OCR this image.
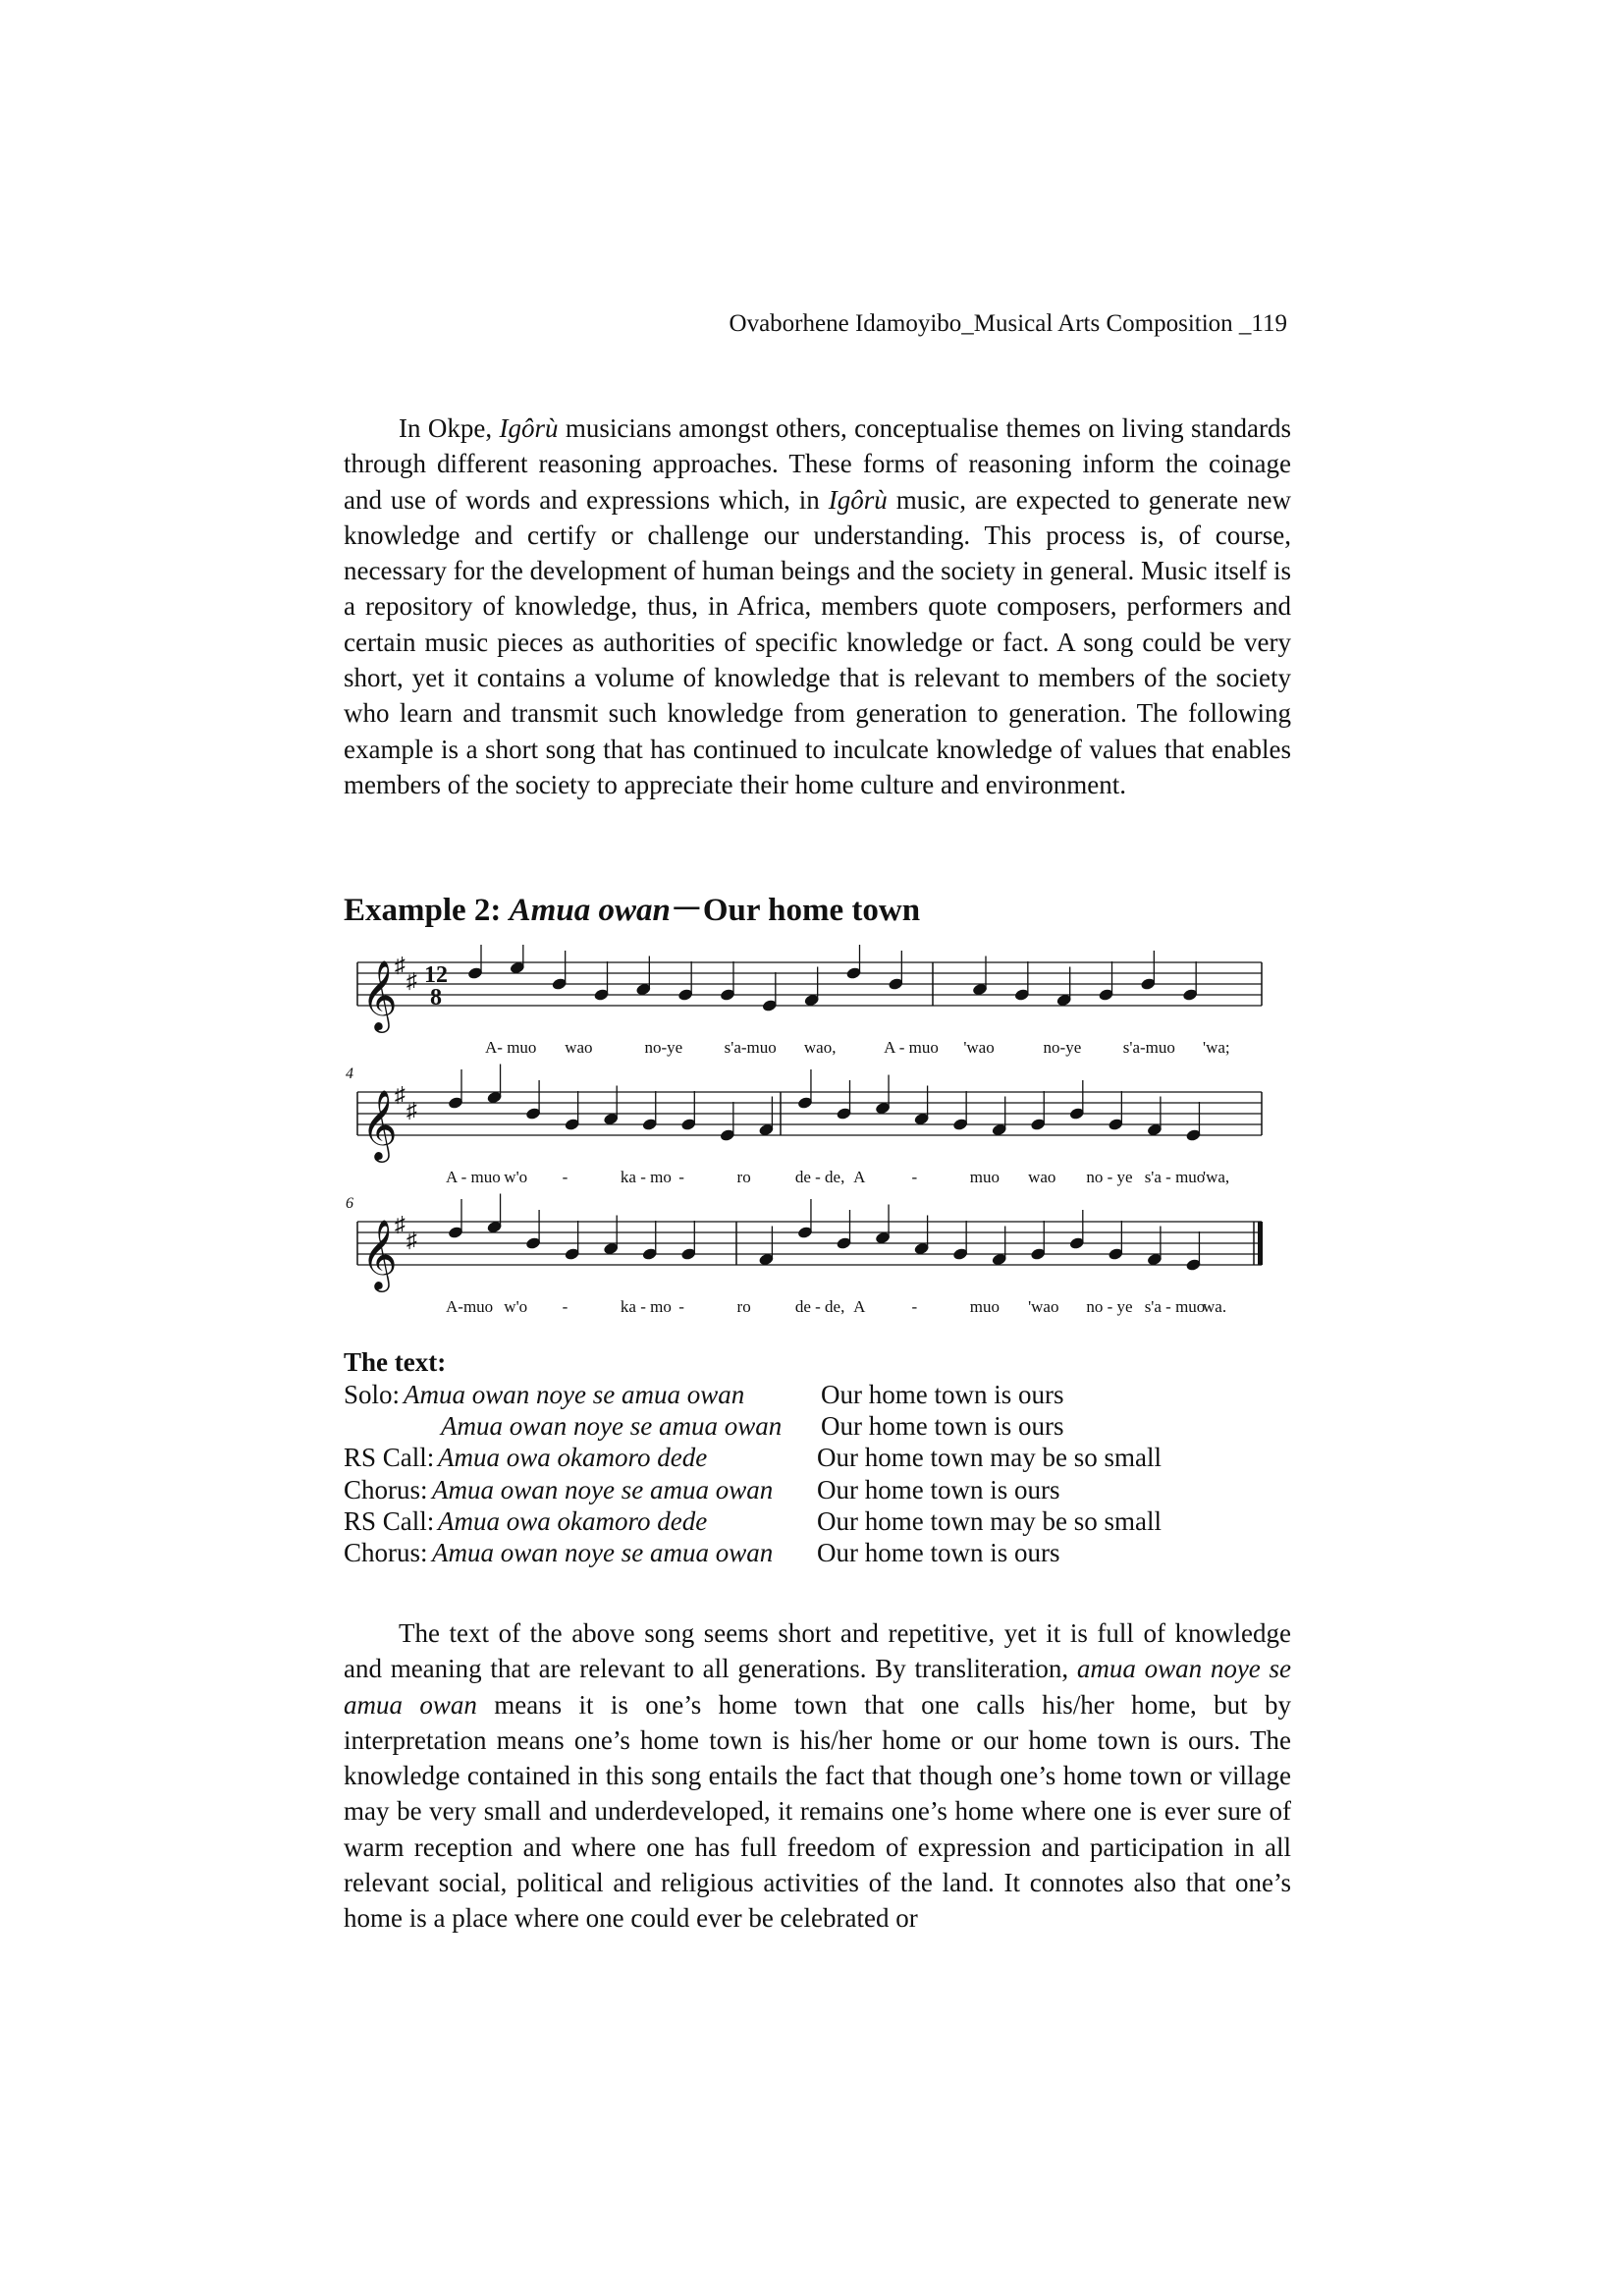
Ovaborhene Idamoyibo_Musical Arts Composition _119

In Okpe, Igôrù musicians amongst others, conceptualise themes on living standards through different reasoning approaches. These forms of reasoning inform the coinage and use of words and expressions which, in Igôrù music, are expected to generate new knowledge and certify or challenge our understanding. This process is, of course, necessary for the development of human beings and the society in general. Music itself is a repository of knowledge, thus, in Africa, members quote composers, performers and certain music pieces as authorities of specific knowledge or fact. A song could be very short, yet it contains a volume of knowledge that is relevant to members of the society who learn and transmit such knowledge from generation to generation. The following example is a short song that has continued to inculcate knowledge of values that enables members of the society to appreciate their home culture and environment.

Example 2: Amua owan－Our home town
𝄞
♯
♯ 12
8
A- muo wao	no-ye	s'a-muo wao,	A - muo 'wao	no-ye	s'a-muo 'wa;
𝄞
♯
♯
4
A - muo w'o -	ka - mo -	ro	de - de, A	-	muo wao no - ye s'a - muo
'wa,
𝄞
♯
♯
6
A-muo w'o -	ka - mo -	ro	de - de, A	-	muo 'wao no - ye s'a - muo
wa.
The text:
Solo: Amua owan noye se amua owan	Our home town is ours
Amua owan noye se amua owan Our home town is ours
RS Call: Amua owa okamoro dede	Our home town may be so small
Chorus: Amua owan noye se amua owan Our home town is ours
RS Call: Amua owa okamoro dede	Our home town may be so small
Chorus: Amua owan noye se amua owan Our home town is ours

The text of the above song seems short and repetitive, yet it is full of knowledge and meaning that are relevant to all generations. By transliteration, amua owan noye se amua owan means it is one’s home town that one calls his/her home, but by interpretation means one’s home town is his/her home or our home town is ours. The knowledge contained in this song entails the fact that though one’s home town or village may be very small and underdeveloped, it remains one’s home where one is ever sure of warm reception and where one has full freedom of expression and participation in all relevant social, political and religious activities of the land. It connotes also that one’s home is a place where one could ever be celebrated or
